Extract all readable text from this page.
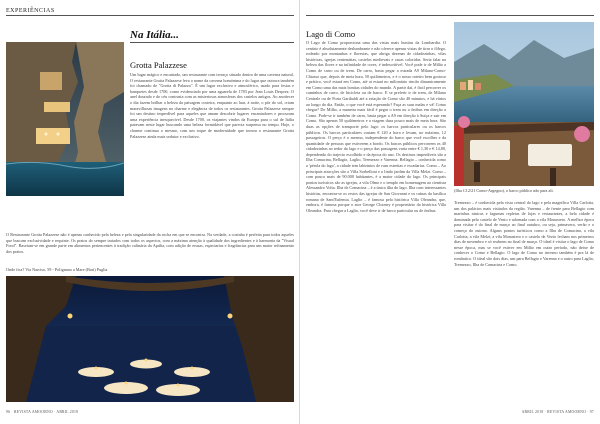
EXPERIÊNCIAS
Na Itália...
Grotta Palazzese

Um lugar mágico e encantado, um restaurante com terraço situado dentro de uma caverna natural. O restaurante Grotta Palazzese leva o nome da caverna homónima e do lugar que outrora também foi chamado de "Grotta di Palazzo". É um lugar exclusivo e atmosférico, usado para festas e banquetes desde 1700, como evidenciado por uma aguarela de 1783 por Jean Louis Desprez. O anel dourado e do céu contrasta com as misteriosas atmosferas dos castelos antigos. Ao anoitecer o dia fazem brilhar a beleza da paisagem costeira, enquanto ao luar, à noite, o pôr do sol, criam maravilhosas imagens no charme e elegância de todos os restaurantes. Grotta Palazzese sempre foi um destino imperdível para aqueles que amam descobrir lugares encantadores e procuram uma experiência inesquecível. Desde 1700, os viajantes vindos da Europa para o sul de Itália paravam neste lugar buscando uma beleza formidável que parecia suspensa no tempo. Hoje, o charme continua o mesmo, com um toque de modernidade que tornou o restaurante Grotta Palazzese ainda mais sedutor e exclusivo.

O Restaurante Grotta Palazzese não é apenas conhecido pela beleza e pela singularidade da rocha em que se encontra. Na verdade, a cozinha é perfeita para todos aqueles que buscam exclusividade e requinte. Os pratos do sempre tratados com todos os aspectos, com a máxima atenção à qualidade dos ingredientes e à harmonia da "Visual Food". Baseiam-se em grande parte em alimentos pertencentes à tradição culinária da Apúlia, com adição de erusas, especiarias e fragrâncias para um maior refinamento dos pratos.

Onde fica? Via Narciso, 59 - Polignano a Mare (Bari) Puglia
96 · REVISTA AMOORNO · ABRIL 2018
Lago di Como

O Lago de Como proporciona uma das vistas mais bonitas da Lombardia. O cenário é absolutamente deslumbrante e não oferece apenas vistas de tirar o fôlego, rodeado por montanhas e florestas, que abriga dezenas de cidadezinhas, vilas históricas, igrejas centenárias, castelos medievais e casas coloridas. Seria falar na beleza das flores e na infinidade de cores, é indescritível. Você pode ir de Milão a Como de carro ou de trem. De carro, basta pegar a estrada A9 Milano-Como-Chiasso que, depois de meia hora, 50 quilómetros, e é o nosso roteiro bem gostoso e prático, você estará em Como, até ai estará no milionário rincão dinamicamente em Como uma das mais bonitas cidades do mundo. A partir daí, é fácil percorrer os caminhos de carro, de bicicleta ou de barco. E se preferir ir de trem, de Milano Centrale ou de Porta Garibaldi até a estação de Como são 40 minutos, e há vários ao longo do dia. Então, o que você está esperando? Faça as suas malas e vá! Como chegar? De Milão, a maneira mais fácil é pegar o trem ou o ônibus em direção a Como. Pode-se ir também de carro, basta pegar a A9 em direção à Suíça e sair em Como. São apenas 50 quilómetros e a viagem dura pouco mais de meia hora. São duas as opções de transporte pelo lago: os barcos particulares ou os barcos públicos. Os barcos particulares custam € 120 a hora e levam, no máximo, 12 passageiros. O preço é o mesmo, independente do barco que você escolher e da quantidade de pessoas que estiverem a bordo. Os barcos públicos percorrem os 40 cidadezinhas ao redor do lago e o preço das passagens varia entre € 1,30 e € 14,80, dependendo do trajecto escolhido e da época do ano. Os destinos imperdíveis são a Ilha Comacina, Bellagio, Laglio, Tremezzo e Varenna. Bellagio – conhecida como a 'pérola do lago', a cidade tem labirintos de ruas estreitas e escadarias. Como – Ao principais atracções são a Villa Sorbelloni e o lindo jardim da Villa Melzi. Como – com pouco mais de 90.000 habitantes, é a maior cidade do lago. Os principais pontos turísticos são as igrejas, a vila Olmo e o templo em homenagem ao cientista Alessandro Volta. Ilha de Comacina – é a única ilha do lago. Ilha com interessantes histórias, encontra-se os restos das igrejas de San Giovanni e os ruínas da basílica romana de Sant'Eufemia. Laglio – é famosa pela histórica Villa Oleandra, que, embora, é famosa porque o ator George Clooney é proprietário da histórica Villa Oleandra. Para chegar a Laglio, você deve ir de barco particular ou de ônibus.

(Ilha C12/21 Como-Argegno), o barco público não para ali.

Tremezzo – é conhecida pela vista central do lago e pela magnífica Villa Carlotta, um dos palácios mais visitados da região. Varenna – de frente para Bellagio com marinhas ninicas e fagumas repletas de lojas e restaurantes, a bela cidade é dominada pelo castelo de Vezio e adornada com a vila Monastero. A melhor época para visitar é do final de março ao final outubro, ou seja, primavera, verão e o começo do outono. Alguns pontos turísticos como a Ilha de Comacina, a vila Carlotta, a vila Melzi, a vila Monastero e o castelo de Vezio fecham nos primeiros dias de novembro e só reabrem no final de março. O ideal é visitar o lago de Como nesse época, mas se você estiver em Milão em outro período, não deixe de conhecer o Como e Bellagio. O lago de Como no inverno também é pra lá de romântico. O ideal são dois dias, um para Bellagio e Varenna e o outro para Laglio, Tremezzo, Ilha de Comacina e Como.

ABRIL 2018 · REVISTA AMOORNO · 97
